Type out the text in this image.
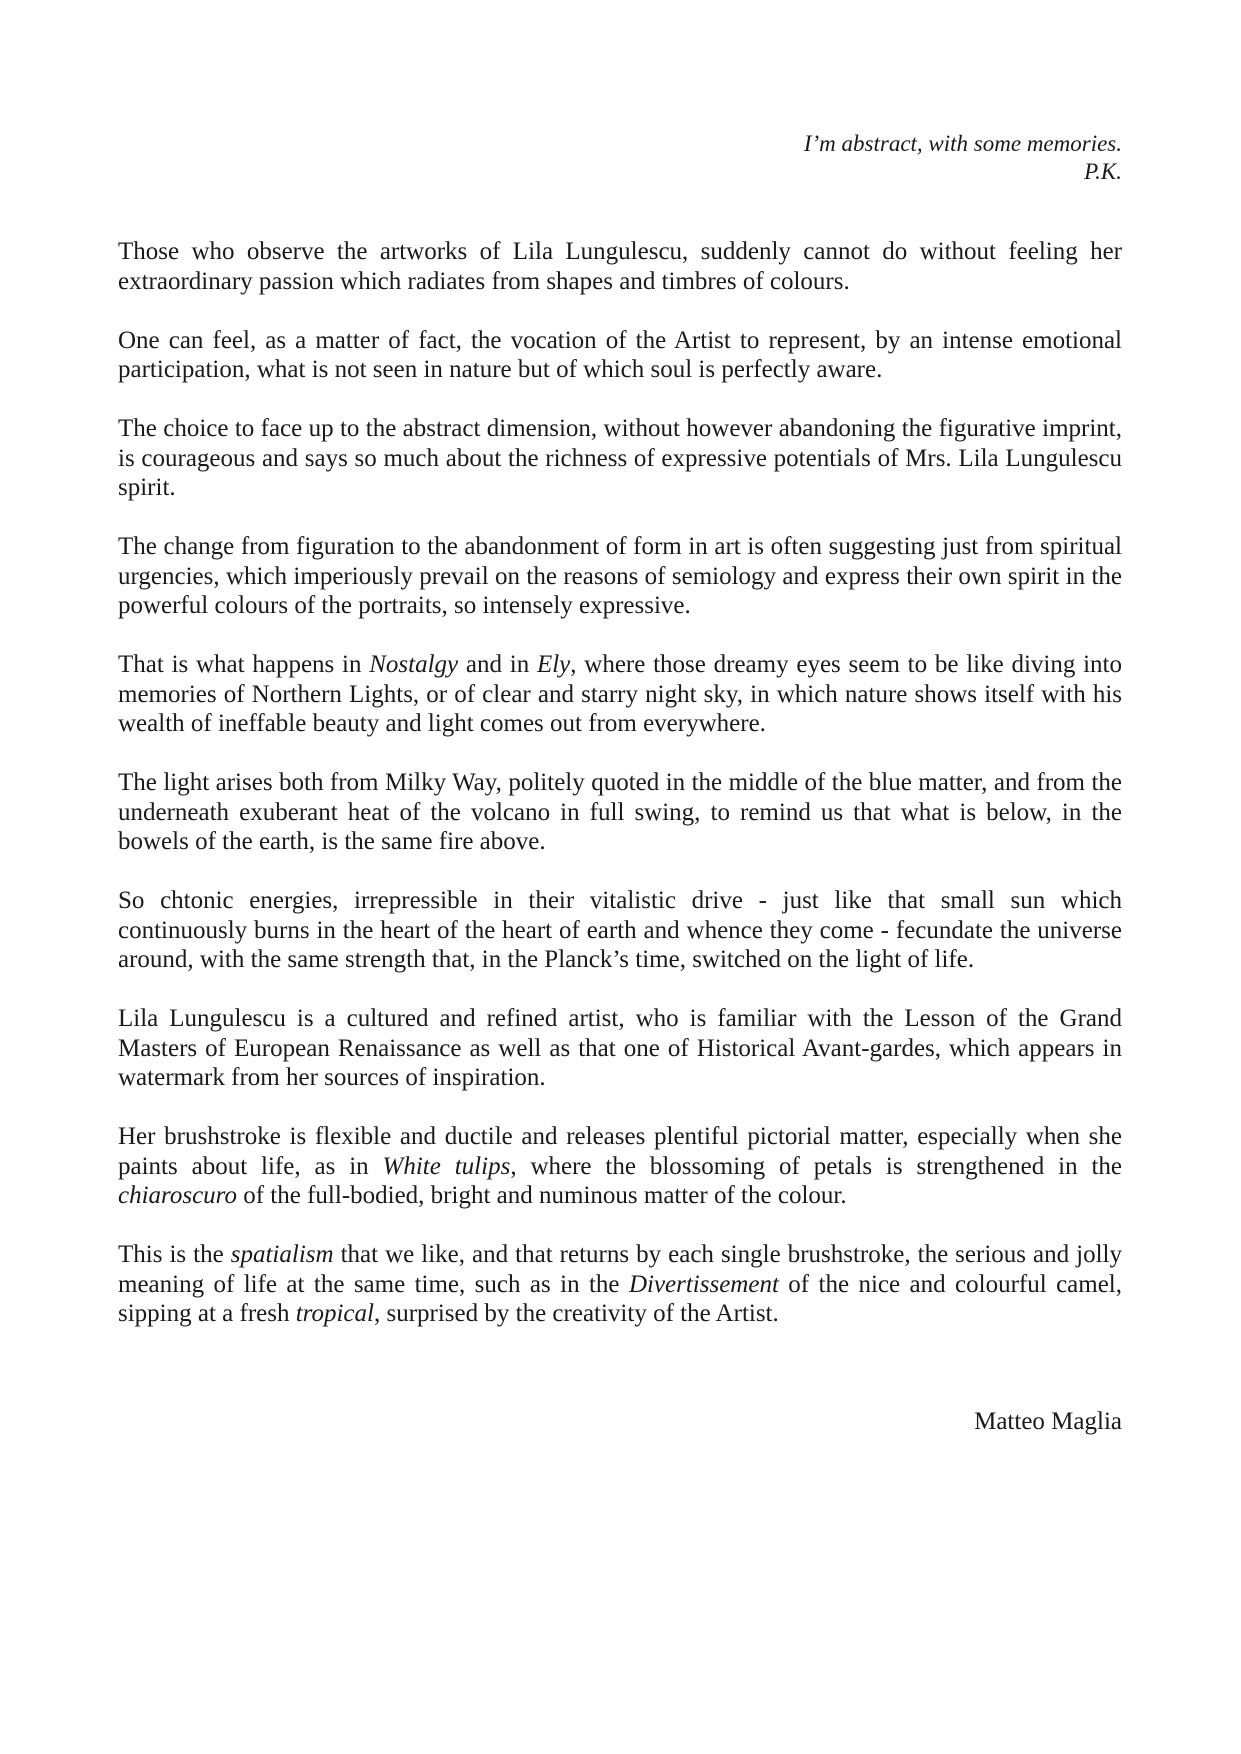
I’m abstract, with some memories.
P.K.

Those who observe the artworks of Lila Lungulescu, suddenly cannot do without feeling her extraordinary passion which radiates from shapes and timbres of colours.

One can feel, as a matter of fact, the vocation of the Artist to represent, by an intense emotional participation, what is not seen in nature but of which soul is perfectly aware.

The choice to face up to the abstract dimension, without however abandoning the figurative imprint, is courageous and says so much about the richness of expressive potentials of Mrs. Lila Lungulescu spirit.

The change from figuration to the abandonment of form in art is often suggesting just from spiritual urgencies, which imperiously prevail on the reasons of semiology and express their own spirit in the powerful colours of the portraits, so intensely expressive.

That is what happens in Nostalgy and in Ely, where those dreamy eyes seem to be like diving into memories of Northern Lights, or of clear and starry night sky, in which nature shows itself with his wealth of ineffable beauty and light comes out from everywhere.

The light arises both from Milky Way, politely quoted in the middle of the blue matter, and from the underneath exuberant heat of the volcano in full swing, to remind us that what is below, in the bowels of the earth, is the same fire above.

So chtonic energies, irrepressible in their vitalistic drive - just like that small sun which continuously burns in the heart of the heart of earth and whence they come - fecundate the universe around, with the same strength that, in the Planck’s time, switched on the light of life.

Lila Lungulescu is a cultured and refined artist, who is familiar with the Lesson of the Grand Masters of European Renaissance as well as that one of Historical Avant-gardes, which appears in watermark from her sources of inspiration.

Her brushstroke is flexible and ductile and releases plentiful pictorial matter, especially when she paints about life, as in White tulips, where the blossoming of petals is strengthened in the chiaroscuro of the full-bodied, bright and numinous matter of the colour.

This is the spatialism that we like, and that returns by each single brushstroke, the serious and jolly meaning of life at the same time, such as in the Divertissement of the nice and colourful camel, sipping at a fresh tropical, surprised by the creativity of the Artist.

Matteo Maglia
